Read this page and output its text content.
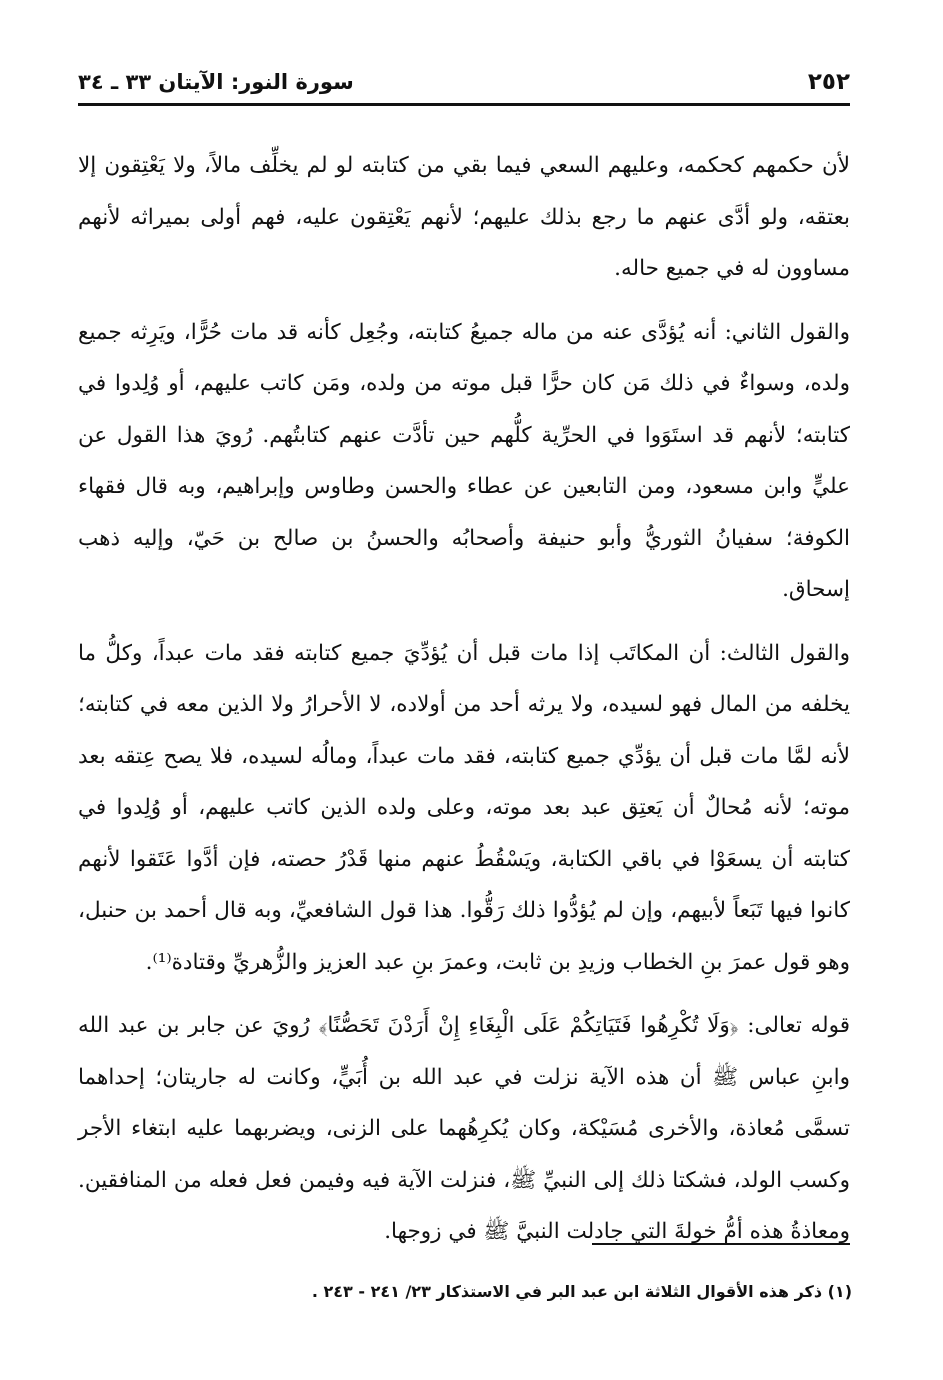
٢٥٢
سورة النور: الآيتان ٣٣ ـ ٣٤

لأن حكمهم كحكمه، وعليهم السعي فيما بقي من كتابته لو لم يخلِّف مالاً، ولا يَعْتِقون إلا بعتقه، ولو أدَّى عنهم ما رجع بذلك عليهم؛ لأنهم يَعْتِقون عليه، فهم أولى بميراثه لأنهم مساوون له في جميع حاله.

والقول الثاني: أنه يُؤدَّى عنه من ماله جميعُ كتابته، وجُعِل كأنه قد مات حُرًّا، ويَرِثه جميع ولده، وسواءٌ في ذلك مَن كان حرًّا قبل موته من ولده، ومَن كاتب عليهم، أو وُلِدوا في كتابته؛ لأنهم قد استَوَوا في الحرِّية كلُّهم حين تأدَّت عنهم كتابتُهم. رُويَ هذا القول عن عليٍّ وابن مسعود، ومن التابعين عن عطاء والحسن وطاوس وإبراهيم، وبه قال فقهاء الكوفة؛ سفيانُ الثوريُّ وأبو حنيفة وأصحابُه والحسنُ بن صالح بن حَيّ، وإليه ذهب إسحاق.

والقول الثالث: أن المكاتَب إذا مات قبل أن يُؤدِّيَ جميع كتابته فقد مات عبداً، وكلُّ ما يخلفه من المال فهو لسيده، ولا يرثه أحد من أولاده، لا الأحرارُ ولا الذين معه في كتابته؛ لأنه لمَّا مات قبل أن يؤدِّي جميع كتابته، فقد مات عبداً، ومالُه لسيده، فلا يصح عِتقه بعد موته؛ لأنه مُحالٌ أن يَعتِق عبد بعد موته، وعلى ولده الذين كاتب عليهم، أو وُلِدوا في كتابته أن يسعَوْا في باقي الكتابة، ويَسْقُطُ عنهم منها قَدْرُ حصته، فإن أدَّوا عَتَقوا لأنهم كانوا فيها تَبَعاً لأبيهم، وإن لم يُؤدُّوا ذلك رَقُّوا. هذا قول الشافعيِّ، وبه قال أحمد بن حنبل، وهو قول عمرَ بنِ الخطاب وزيدِ بن ثابت، وعمرَ بنِ عبد العزيز والزُّهريِّ وقتادة⁽¹⁾.

قوله تعالى: ﴿وَلَا تُكْرِهُوا فَتَيَاتِكُمْ عَلَى الْبِغَاءِ إِنْ أَرَدْنَ تَحَصُّنًا﴾ رُويَ عن جابر بن عبد الله وابنِ عباس ﷺ أن هذه الآية نزلت في عبد الله بن أُبَيٍّ، وكانت له جاريتان؛ إحداهما تسمَّى مُعاذة، والأخرى مُسَيْكة، وكان يُكرِهُهما على الزنى، ويضربهما عليه ابتغاء الأجر وكسب الولد، فشكتا ذلك إلى النبيِّ ﷺ، فنزلت الآية فيه وفيمن فعل فعله من المنافقين. ومعاذةُ هذه أمُّ خولةَ التي جادلت النبيَّ ﷺ في زوجها.

(١) ذكر هذه الأقوال الثلاثة ابن عبد البر في الاستذكار ٢٣/ ٢٤١ - ٢٤٣ .
